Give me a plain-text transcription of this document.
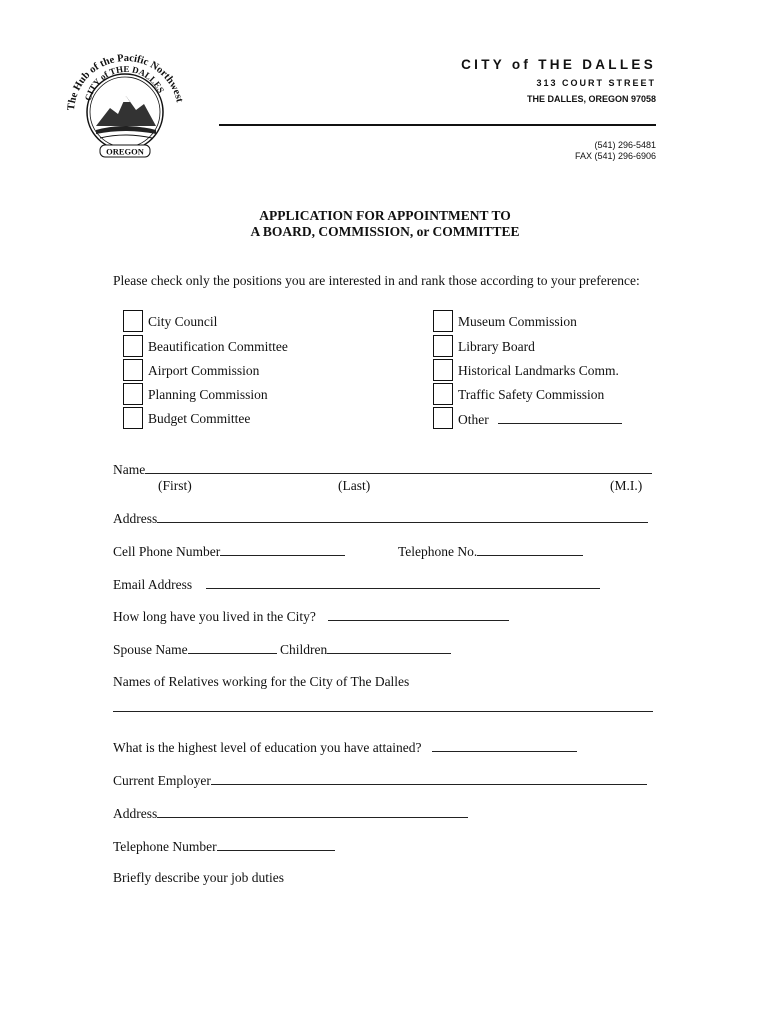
The Hub of the Pacific Northwest
CITY of THE DALLES
OREGON
CITY of THE DALLES
313 COURT STREET
THE DALLES, OREGON 97058
(541) 296-5481
FAX (541) 296-6906
APPLICATION FOR APPOINTMENT TO
A BOARD, COMMISSION, or COMMITTEE
Please check only the positions you are interested in and rank those according to your preference:
City Council
Beautification Committee
Airport Commission
Planning Commission
Budget Committee
Museum Commission
Library Board
Historical Landmarks Comm.
Traffic Safety Commission
Other
Name
(First)	(Last)	(M.I.)
Address
Cell Phone Number	Telephone No.
Email Address
How long have you lived in the City?
Spouse Name	Children
Names of Relatives working for the City of The Dalles
What is the highest level of education you have attained?
Current Employer
Address
Telephone Number
Briefly describe your job duties
